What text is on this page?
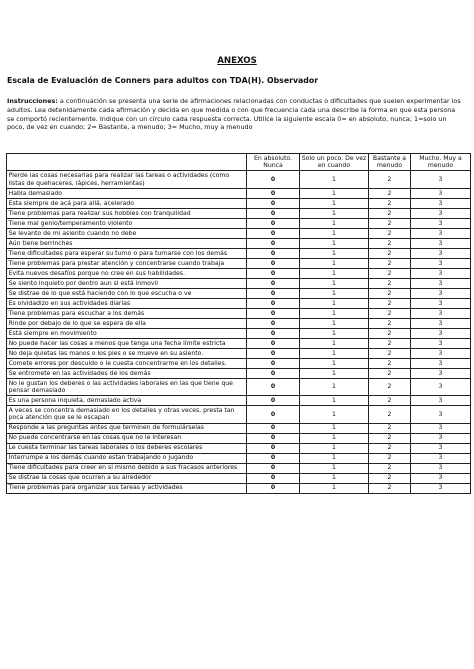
ANEXOS
Escala de Evaluación de Conners para adultos con TDA(H). Observador
Instrucciones: a continuación se presenta una serie de afirmaciones relacionadas con conductas o dificultades que suelen experimentar los adultos. Lea detenidamente cada afirmación y decida en que medida o con que frecuencia cada una describe la forma en que esta persona se comportó recientemente. Indique con un círculo cada respuesta correcta. Utilice la siguiente escala 0= en absoluto, nunca; 1=solo un poco, de vez en cuando; 2= Bastante, a menudo; 3= Mucho, muy a menudo
	En absoluto. Nunca	Solo un poco. De vez en cuando	Bastante a menudo	Mucho. Muy a menudo
Pierde las cosas necesarias para realizar las tareas o actividades (como listas de quehaceres, lápices, herramientas)	0	1	2	3
Habla demasiado	0	1	2	3
Esta siempre de acá para allá, acelerado	0	1	2	3
Tiene problemas para realizar sus hobbies con tranquilidad	0	1	2	3
Tiene mal genio/temperamento violento	0	1	2	3
Se levanto de mi asiento cuando no debe	0	1	2	3
Aún tiene berrinches	0	1	2	3
Tiene dificultades para esperar su turno o para turnarse con los demás	0	1	2	3
Tiene problemas para prestar atención y concentrarse cuando trabaja	0	1	2	3
Evita nuevos desafíos porque no cree en sus habilidades.	0	1	2	3
Se siento inquieto por dentro aun si está inmovil	0	1	2	3
Se distrae de lo que está haciendo con lo que escucha o ve	0	1	2	3
Es olvidadizo en sus actividades diarias	0	1	2	3
Tiene problemas para escuchar a los demás	0	1	2	3
Rinde por debajo de lo que se espera de ella	0	1	2	3
Está siempre en movimiento	0	1	2	3
No puede hacer las cosas a menos que tenga una fecha límite estricta	0	1	2	3
No deja quietas las manos o los pies o se mueve en su asiento.	0	1	2	3
Comete errores por descuido o le cuesta concentrarme en los detalles.	0	1	2	3
Se entromete en las actividades de los demás	0	1	2	3
No le gustan los deberes o las actividades laborales en las que tiene que pensar demasiado	0	1	2	3
Es una persona inquieta, demasiado activa	0	1	2	3
A veces se concentra demasiado en los detalles y otras veces, presta tan poca atención que se le escapan	0	1	2	3
Responde a las preguntas antes que terminen de formulárselas	0	1	2	3
No puede concentrarse en las cosas que no le interesan	0	1	2	3
Le cuesta terminar las tareas laborales o los deberes escolares	0	1	2	3
Interrumpe a los demás cuando estan trabajando o jugando	0	1	2	3
Tiene dificultades para creer en si mismo debido a sus fracasos anteriores	0	1	2	3
Se distrae la cosas que ocurren a su alrededor	0	1	2	3
Tiene problemas para organizar sus tareas y actividades	0	1	2	3
